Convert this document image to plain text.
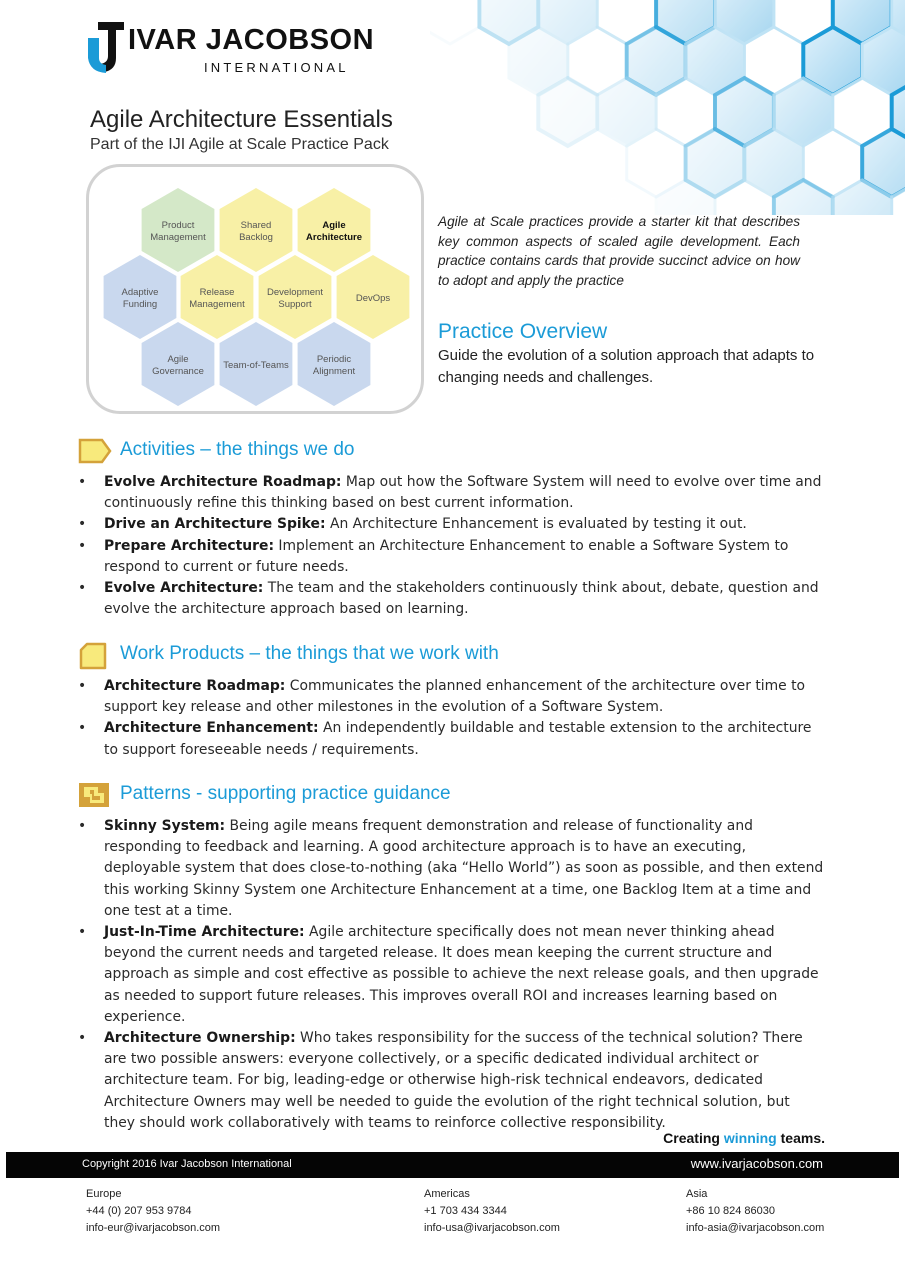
IVAR JACOBSON
INTERNATIONAL
Agile Architecture Essentials
Part of the IJI Agile at Scale Practice Pack
Product
Management
Shared
Backlog
Agile
Architecture
Adaptive
Funding
Release
Management
Development
Support
DevOps
Agile
Governance
Team-of-Teams
Periodic
Alignment
Agile at Scale practices provide a starter kit that describes key common aspects of scaled agile development. Each practice contains cards that provide succinct advice on how to adopt and apply the practice
Practice Overview
Guide the evolution of a solution approach that adapts to changing needs and challenges.
Activities – the things we do
• Evolve Architecture Roadmap: Map out how the Software System will need to evolve over time and continuously refine this thinking based on best current information.
• Drive an Architecture Spike: An Architecture Enhancement is evaluated by testing it out.
• Prepare Architecture: Implement an Architecture Enhancement to enable a Software System to respond to current or future needs.
• Evolve Architecture: The team and the stakeholders continuously think about, debate, question and evolve the architecture approach based on learning.
Work Products – the things that we work with
• Architecture Roadmap: Communicates the planned enhancement of the architecture over time to support key release and other milestones in the evolution of a Software System.
• Architecture Enhancement: An independently buildable and testable extension to the architecture to support foreseeable needs / requirements.
Patterns - supporting practice guidance
• Skinny System: Being agile means frequent demonstration and release of functionality and responding to feedback and learning. A good architecture approach is to have an executing, deployable system that does close-to-nothing (aka “Hello World”) as soon as possible, and then extend this working Skinny System one Architecture Enhancement at a time, one Backlog Item at a time and one test at a time.
• Just-In-Time Architecture: Agile architecture specifically does not mean never thinking ahead beyond the current needs and targeted release. It does mean keeping the current structure and approach as simple and cost effective as possible to achieve the next release goals, and then upgrade as needed to support future releases. This improves overall ROI and increases learning based on experience.
• Architecture Ownership: Who takes responsibility for the success of the technical solution? There are two possible answers: everyone collectively, or a specific dedicated individual architect or architecture team. For big, leading-edge or otherwise high-risk technical endeavors, dedicated Architecture Owners may well be needed to guide the evolution of the right technical solution, but they should work collaboratively with teams to reinforce collective responsibility.
Creating winning teams.
Copyright 2016 Ivar Jacobson International	www.ivarjacobson.com
Europe
+44 (0) 207 953 9784
info-eur@ivarjacobson.com
Americas
+1 703 434 3344
info-usa@ivarjacobson.com
Asia
+86 10 824 86030
info-asia@ivarjacobson.com
